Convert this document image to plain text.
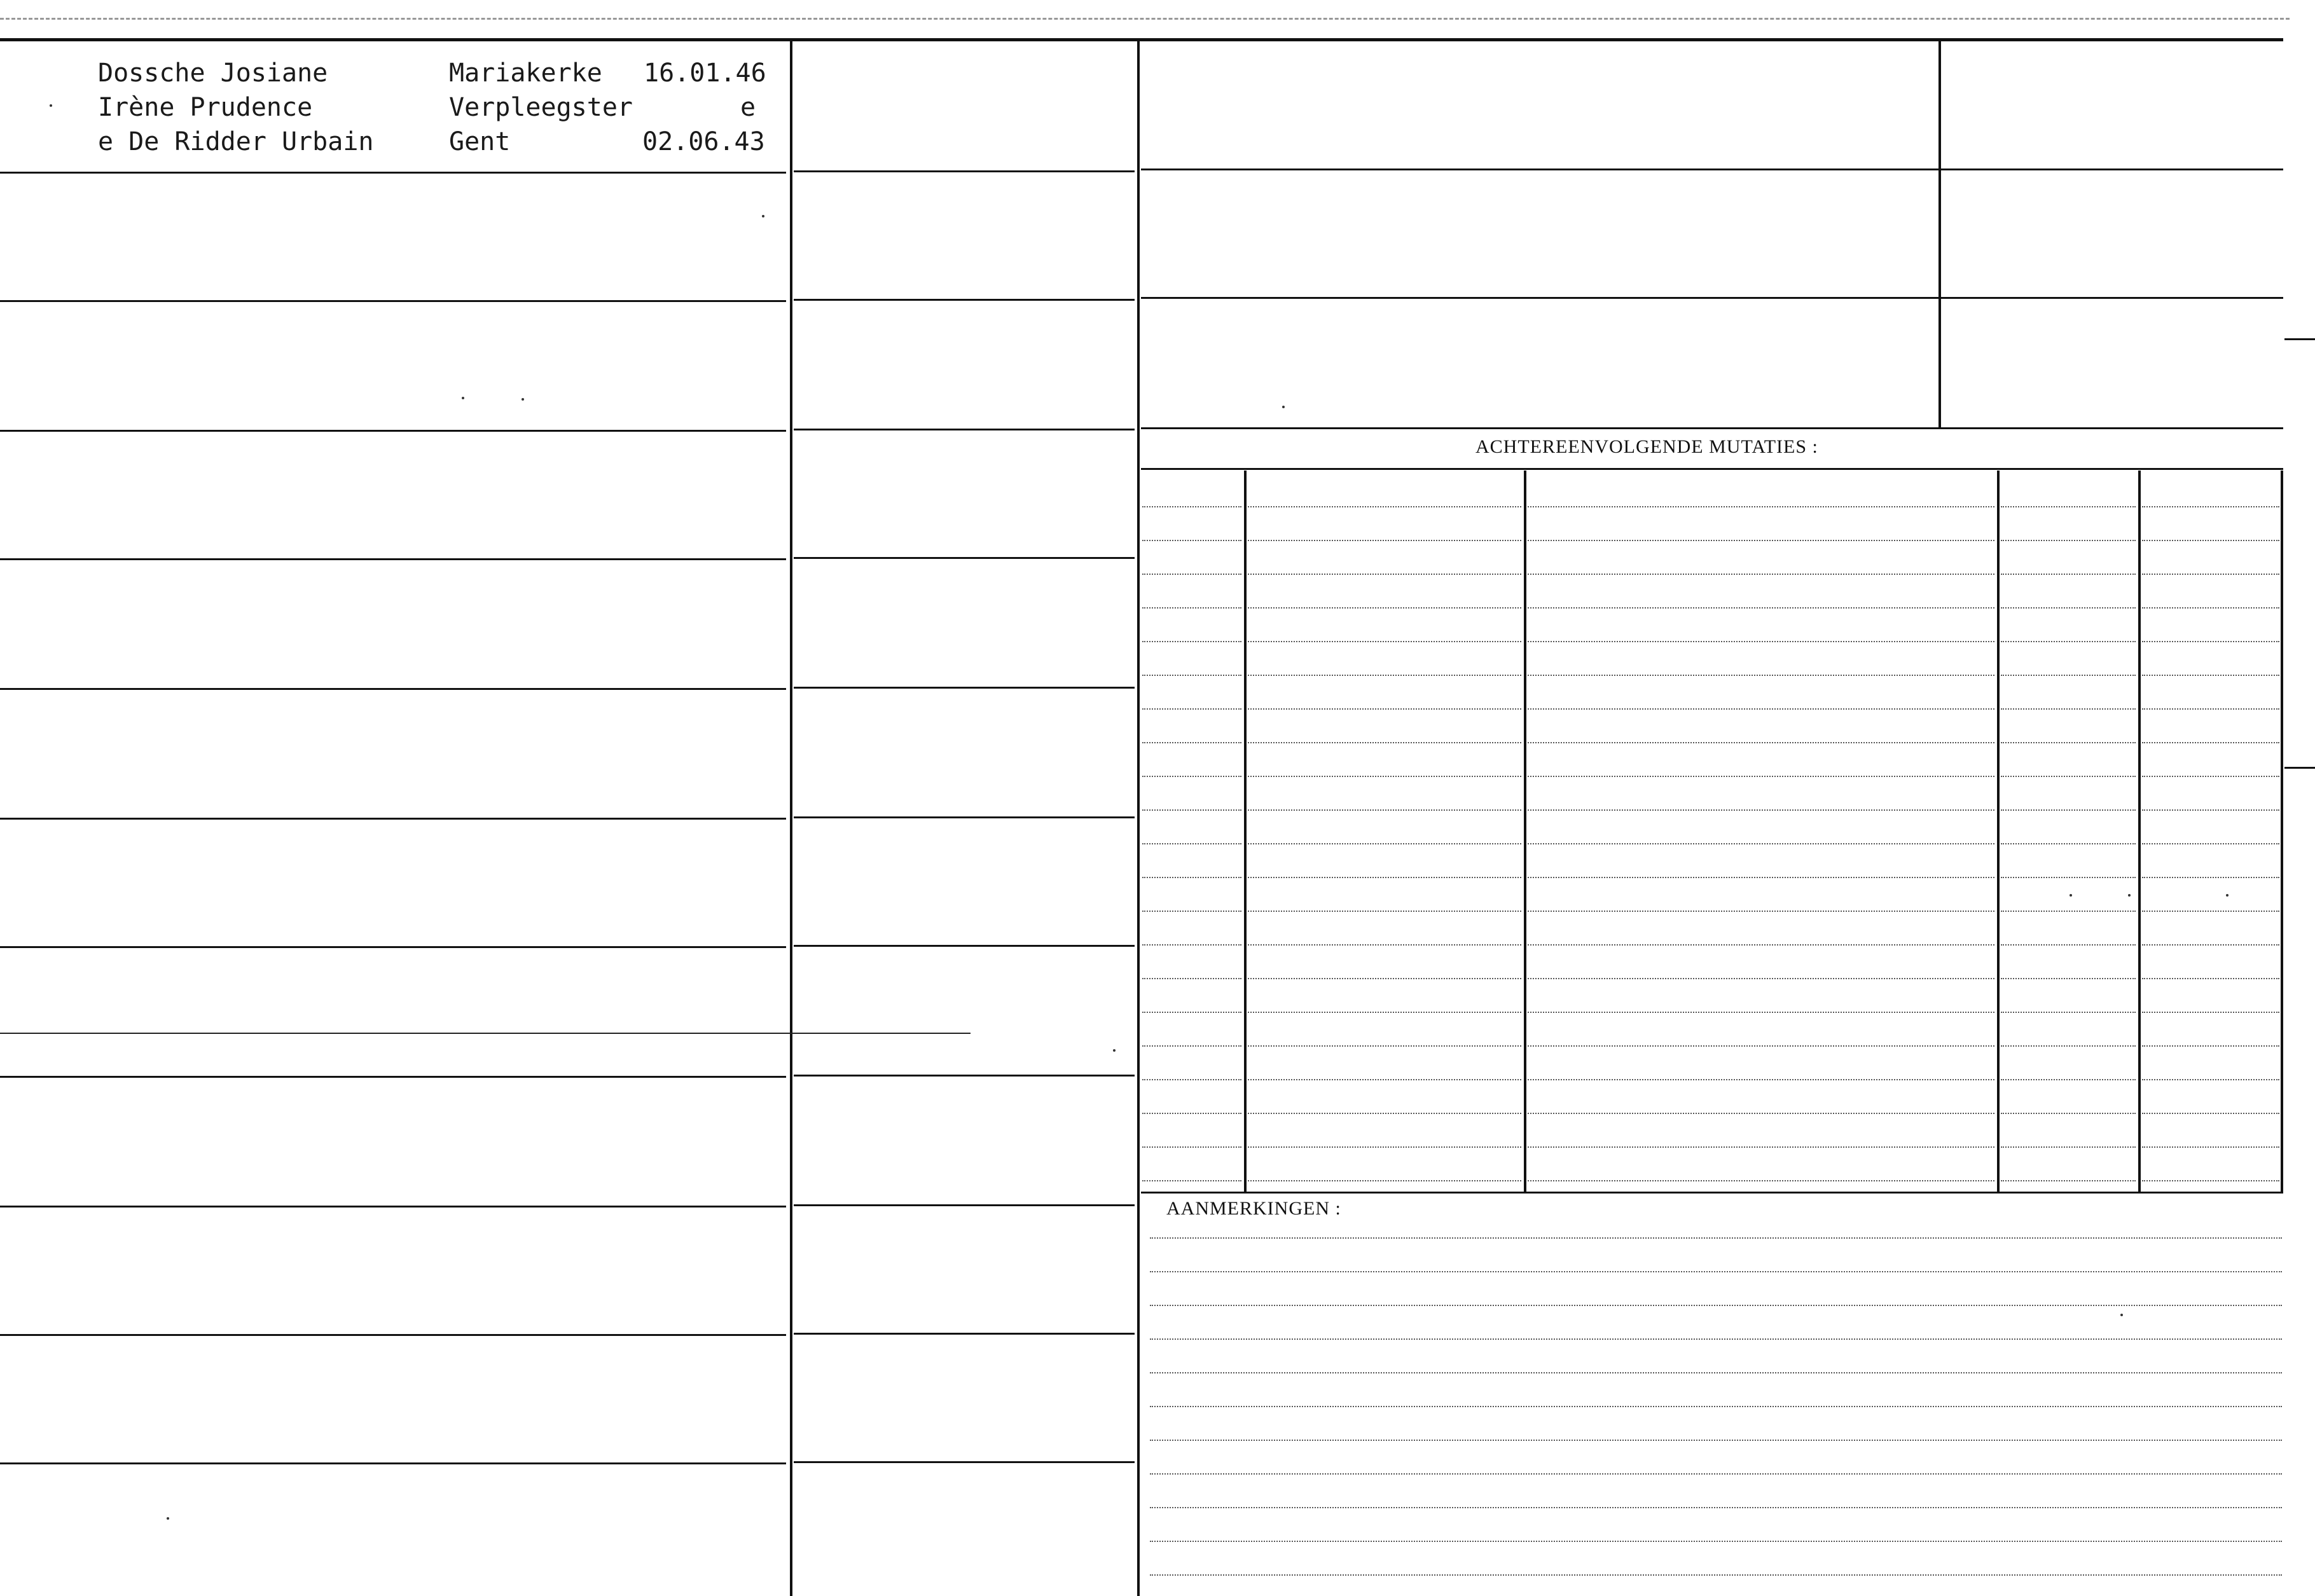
ACHTEREENVOLGENDE MUTATIES :
AANMERKINGEN :
Dossche Josiane
Irène Prudence
e De Ridder Urbain
Mariakerke 16.01.46
Verpleegster	e
Gent	02.06.43
